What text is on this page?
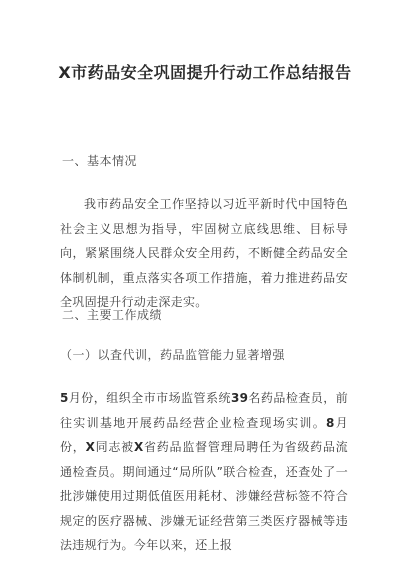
X市药品安全巩固提升行动工作总结报告
一、基本情况

我市药品安全工作坚持以习近平新时代中国特色社会主义思想为指导，牢固树立底线思维、目标导向，紧紧围绕人民群众安全用药，不断健全药品安全体制机制，重点落实各项工作措施，着力推进药品安全巩固提升行动走深走实。

二、主要工作成绩
（一）以査代训，药品监管能力显著增强

5月份，组织全市市场监管系统39名药品检查员，前往实训基地开展药品经营企业检查现场实训。8月份，X同志被X省药品监督管理局聘任为省级药品流通检查员。期间通过“局所队”联合检查，还查处了一批涉嫌使用过期低值医用耗材、涉嫌经营标签不符合规定的医疗器械、涉嫌无证经营第三类医疗器械等违法违规行为。今年以来，还上报
